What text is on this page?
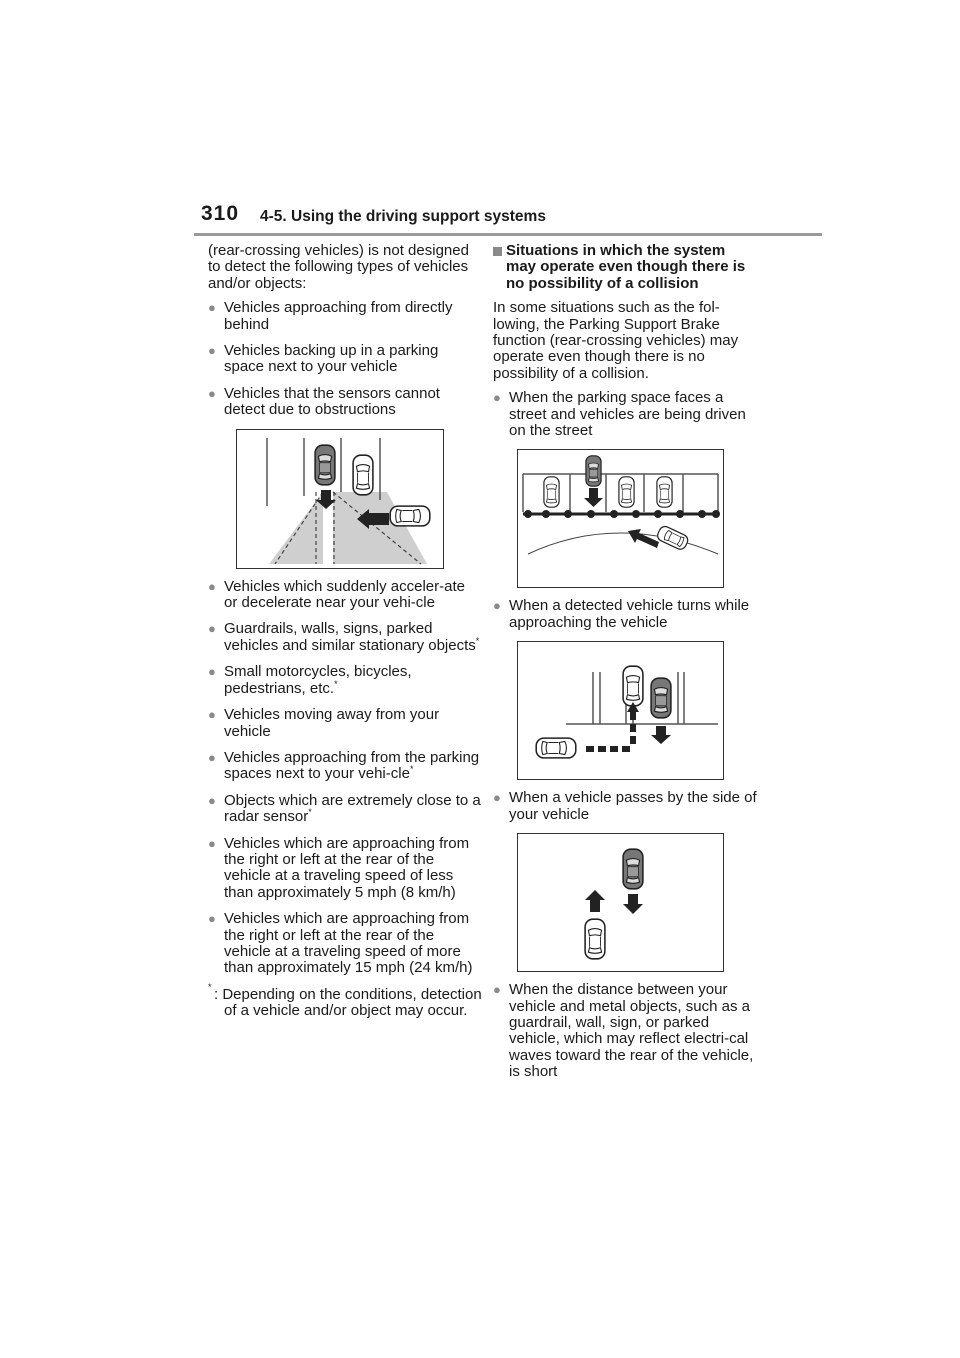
310 4-5. Using the driving support systems

(rear-crossing vehicles) is not designed to detect the following types of vehicles and/or objects:

● Vehicles approaching from directly behind
● Vehicles backing up in a parking space next to your vehicle
● Vehicles that the sensors cannot detect due to obstructions
● Vehicles which suddenly acceler-ate or decelerate near your vehi-cle
● Guardrails, walls, signs, parked vehicles and similar stationary objects*
● Small motorcycles, bicycles, pedestrians, etc.*
● Vehicles moving away from your vehicle
● Vehicles approaching from the parking spaces next to your vehi-cle*
● Objects which are extremely close to a radar sensor*
● Vehicles which are approaching from the right or left at the rear of the vehicle at a traveling speed of less than approximately 5 mph (8 km/h)
● Vehicles which are approaching from the right or left at the rear of the vehicle at a traveling speed of more than approximately 15 mph (24 km/h)
* : Depending on the conditions, detection of a vehicle and/or object may occur.
Situations in which the system may operate even though there is no possibility of a collision

In some situations such as the fol-lowing, the Parking Support Brake function (rear-crossing vehicles) may operate even though there is no possibility of a collision.

● When the parking space faces a street and vehicles are being driven on the street
● When a detected vehicle turns while approaching the vehicle
● When a vehicle passes by the side of your vehicle
● When the distance between your vehicle and metal objects, such as a guardrail, wall, sign, or parked vehicle, which may reflect electri-cal waves toward the rear of the vehicle, is short
